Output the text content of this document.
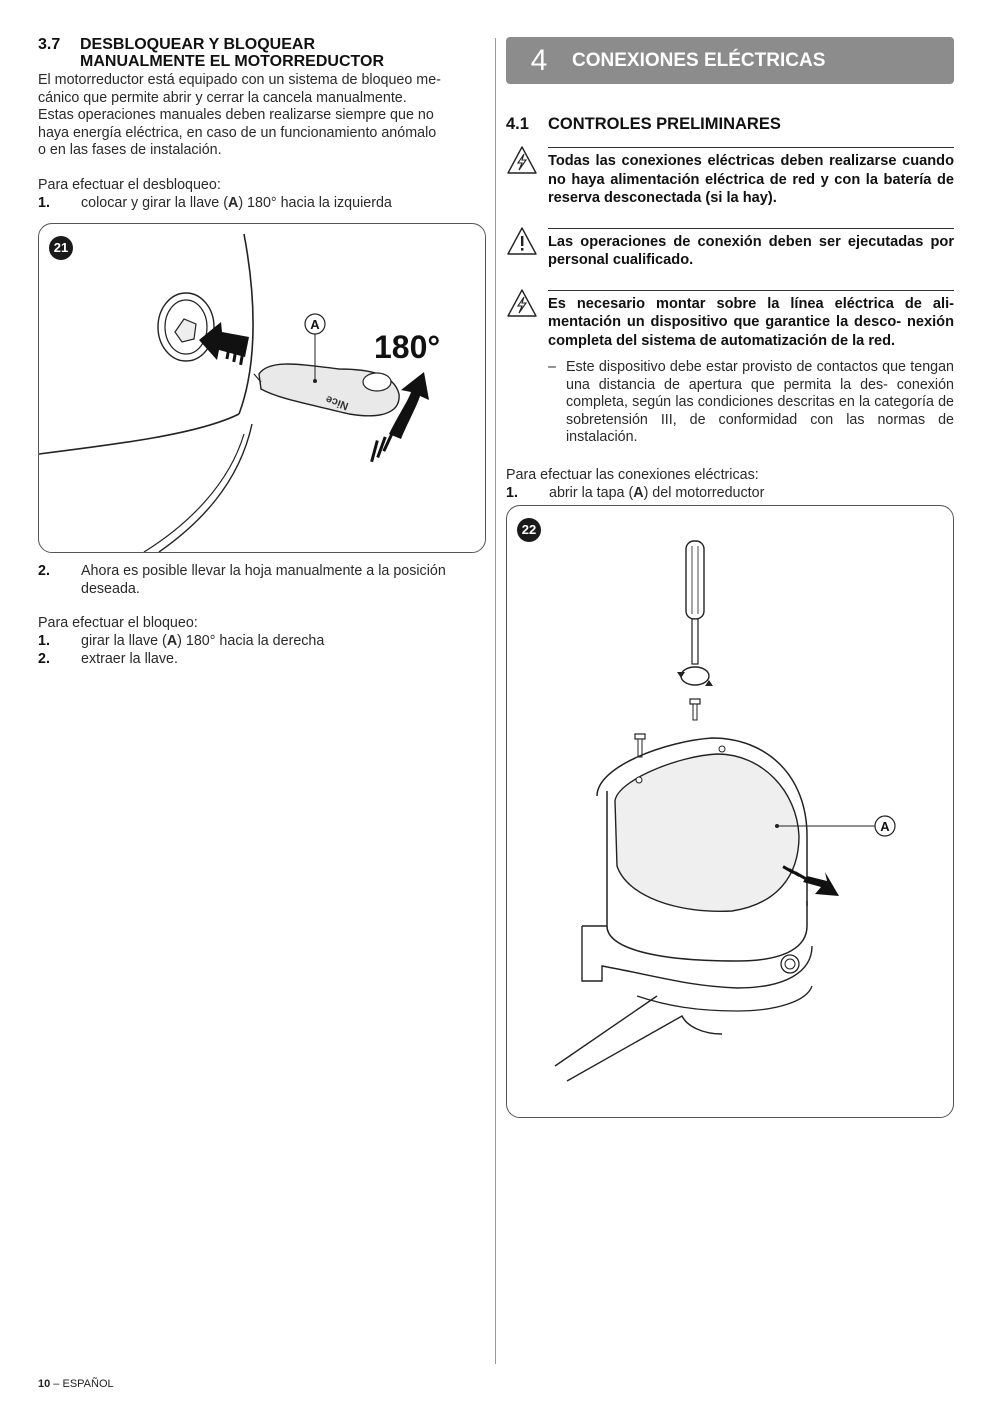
3.7	DESBLOQUEAR Y BLOQUEAR
MANUALMENTE EL MOTORREDUCTOR

El motorreductor está equipado con un sistema de bloqueo me-
cánico que permite abrir y cerrar la cancela manualmente.
Estas operaciones manuales deben realizarse siempre que no
haya energía eléctrica, en caso de un funcionamiento anómalo
o en las fases de instalación.

Para efectuar el desbloqueo:

1.	colocar y girar la llave (A) 180° hacia la izquierda
Nice
A
180°
21
2.	Ahora es posible llevar la hoja manualmente a la posición
deseada.

Para efectuar el bloqueo:

1.	girar la llave (A) 180° hacia la derecha
2.	extraer la llave.
4	CONEXIONES ELÉCTRICAS
4.1	CONTROLES PRELIMINARES
Todas las conexiones eléctricas deben realizarse cuando no haya alimentación eléctrica de red y con la batería de reserva desconectada (si la hay).
Las operaciones de conexión deben ser ejecutadas por personal cualificado.
Es necesario montar sobre la línea eléctrica de ali- mentación un dispositivo que garantice la desco- nexión completa del sistema de automatización de la red.
– Este dispositivo debe estar provisto de contactos que tengan una distancia de apertura que permita la des- conexión completa, según las condiciones descritas en la categoría de sobretensión III, de conformidad con las normas de instalación.

Para efectuar las conexiones eléctricas:

1.	abrir la tapa (A) del motorreductor
A
22
10 – ESPAÑOL
